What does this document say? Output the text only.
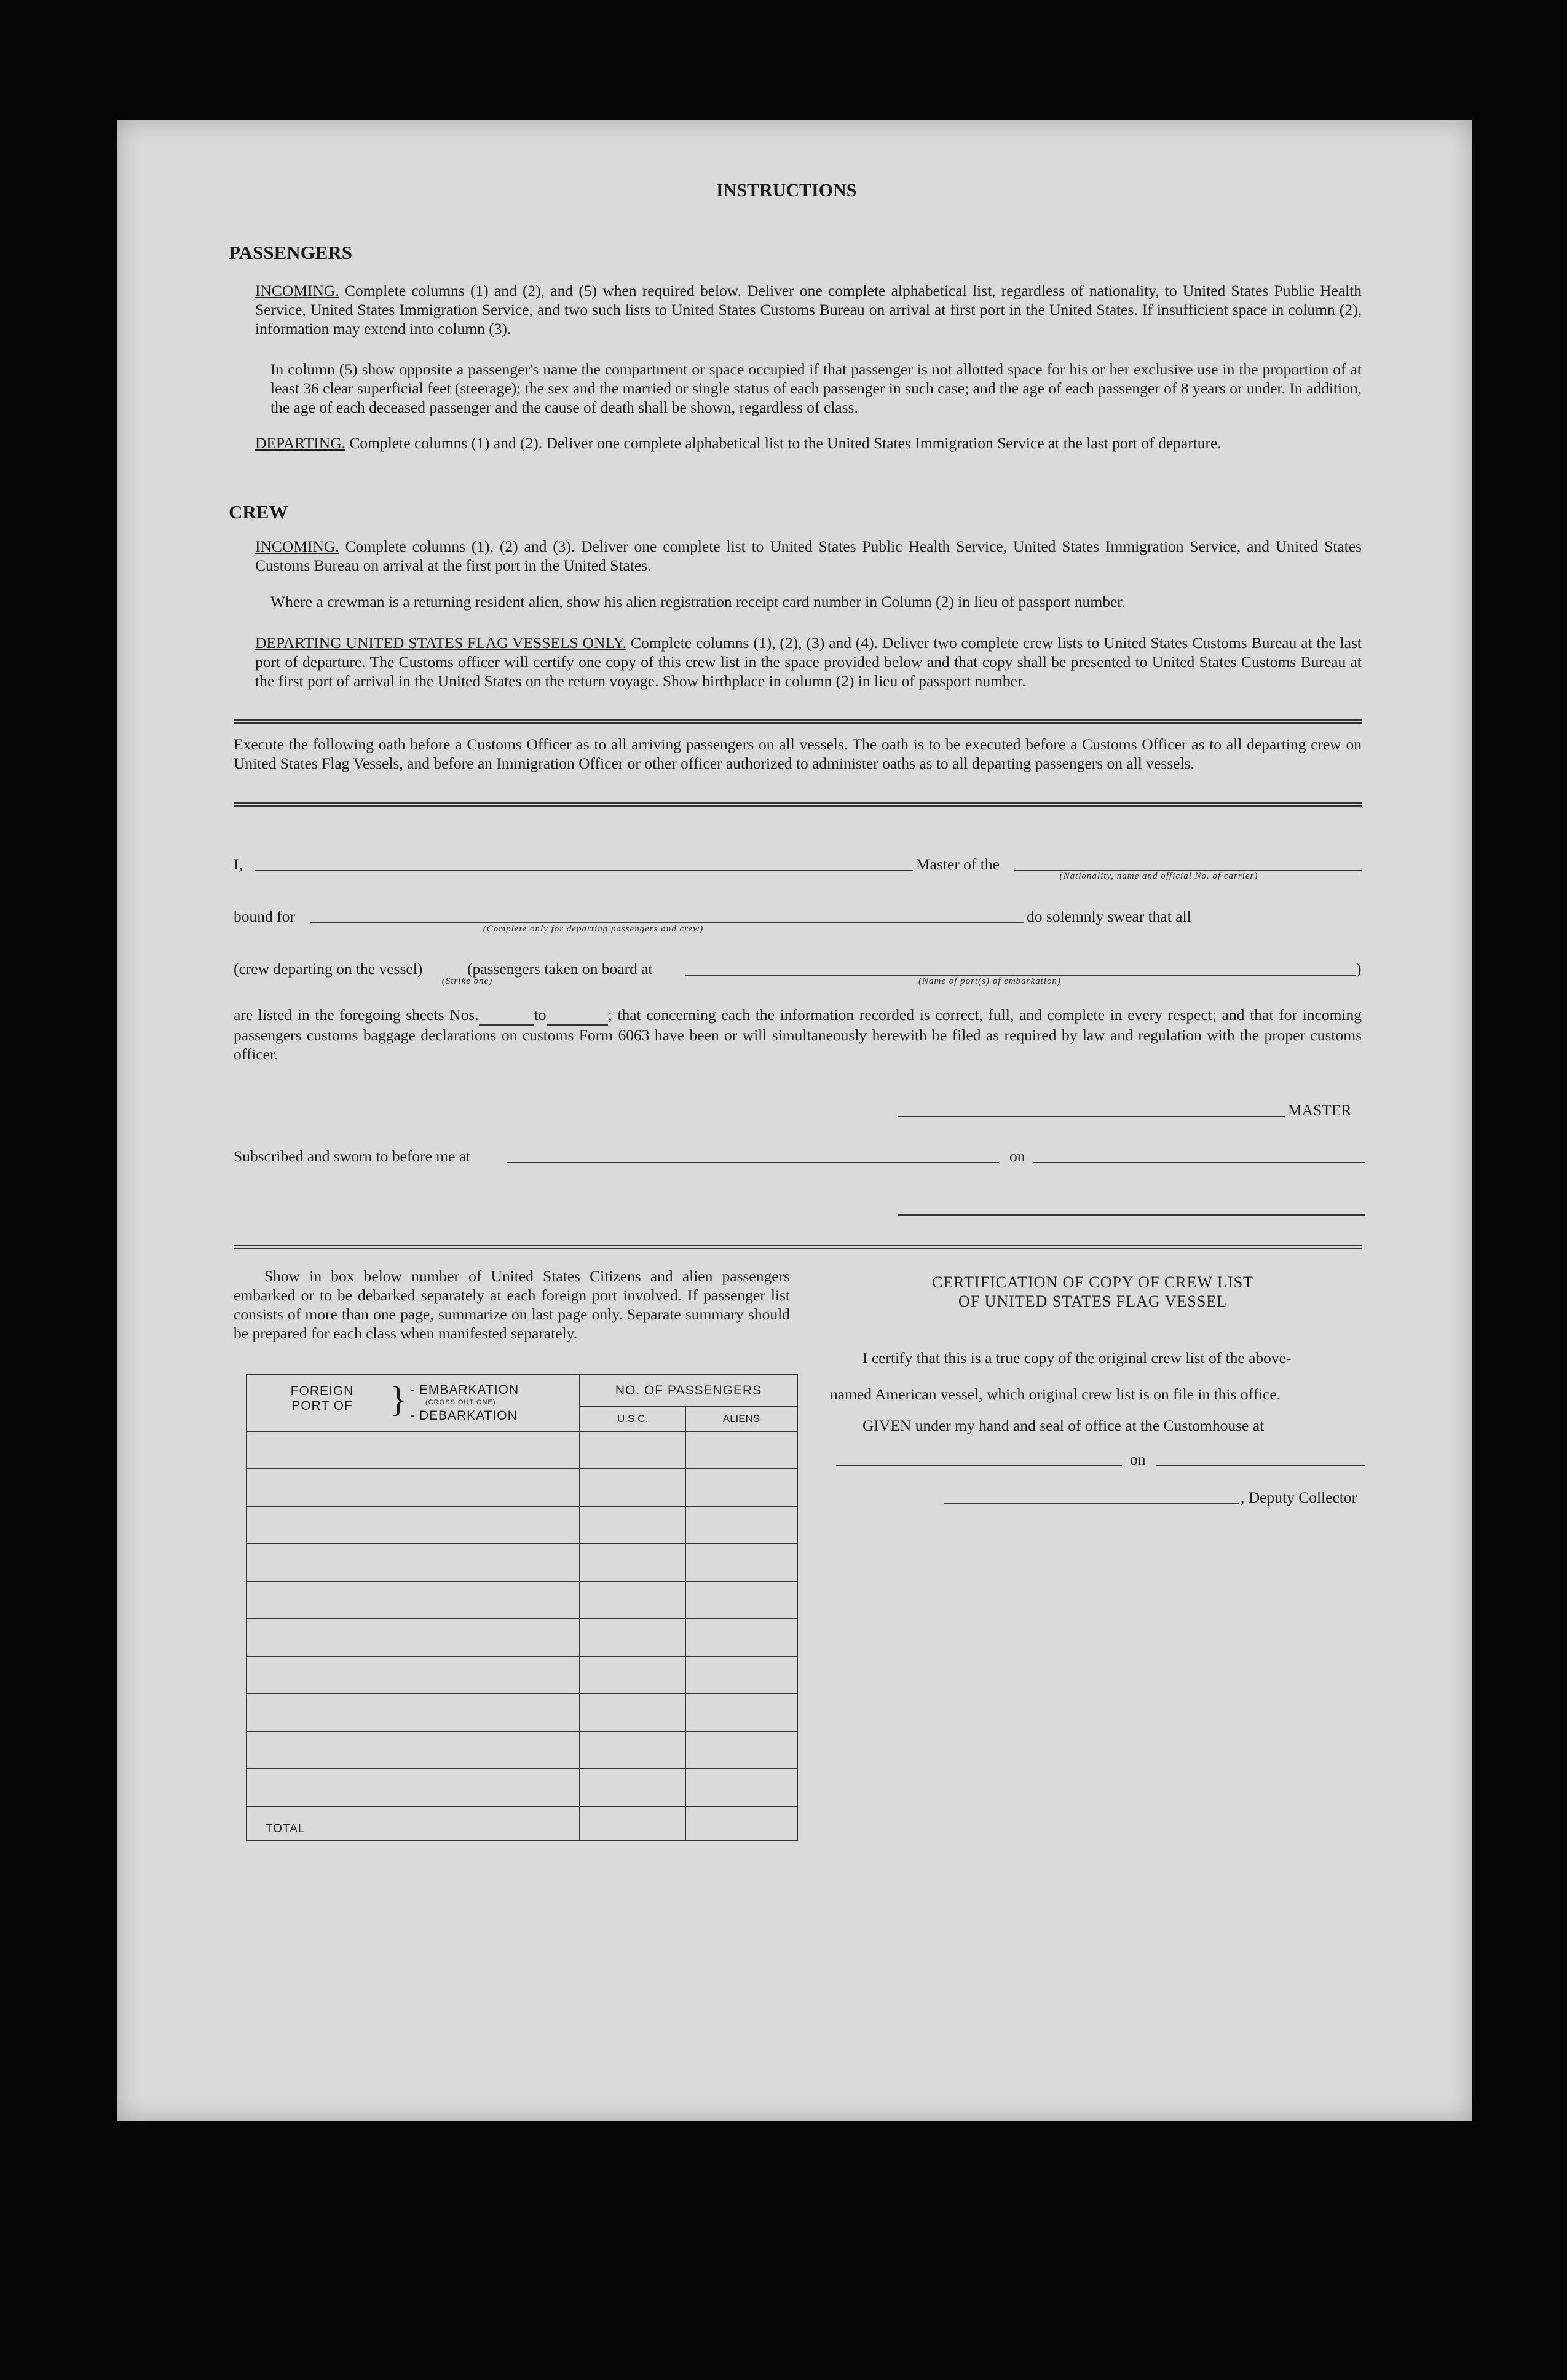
INSTRUCTIONS
PASSENGERS
INCOMING. Complete columns (1) and (2), and (5) when required below. Deliver one complete alphabetical list, regardless of nationality, to United States Public Health Service, United States Immigration Service, and two such lists to United States Customs Bureau on arrival at first port in the United States. If insufficient space in column (2), information may extend into column (3).
In column (5) show opposite a passenger's name the compartment or space occupied if that passenger is not allotted space for his or her exclusive use in the proportion of at least 36 clear superficial feet (steerage); the sex and the married or single status of each passenger in such case; and the age of each passenger of 8 years or under. In addition, the age of each deceased passenger and the cause of death shall be shown, regardless of class.
DEPARTING. Complete columns (1) and (2). Deliver one complete alphabetical list to the United States Immigration Service at the last port of departure.
CREW
INCOMING. Complete columns (1), (2) and (3). Deliver one complete list to United States Public Health Service, United States Immigration Service, and United States Customs Bureau on arrival at the first port in the United States.
Where a crewman is a returning resident alien, show his alien registration receipt card number in Column (2) in lieu of passport number.
DEPARTING UNITED STATES FLAG VESSELS ONLY. Complete columns (1), (2), (3) and (4). Deliver two complete crew lists to United States Customs Bureau at the last port of departure. The Customs officer will certify one copy of this crew list in the space provided below and that copy shall be presented to United States Customs Bureau at the first port of arrival in the United States on the return voyage. Show birthplace in column (2) in lieu of passport number.
Execute the following oath before a Customs Officer as to all arriving passengers on all vessels. The oath is to be executed before a Customs Officer as to all departing crew on United States Flag Vessels, and before an Immigration Officer or other officer authorized to administer oaths as to all departing passengers on all vessels.
I,	Master of the
(Nationality, name and official No. of carrier)
bound for
(Complete only for departing passengers and crew)
do solemnly swear that all
(crew departing on the vessel)	(passengers taken on board at	)
(Strike one)	(Name of port(s) of embarkation)
are listed in the foregoing sheets Nos.	to	; that concerning each the information recorded is correct, full, and complete in every respect; and that for incoming passengers customs baggage declarations on customs Form 6063 have been or will simultaneously herewith be filed as required by law and regulation with the proper customs officer.
MASTER
Subscribed and sworn to before me at	on
Show in box below number of United States Citizens and alien passengers embarked or to be debarked separately at each foreign port involved. If passenger list consists of more than one page, summarize on last page only. Separate summary should be prepared for each class when manifested separately.
FOREIGN PORT OF } - EMBARKATION
(CROSS OUT ONE)
- DEBARKATION	NO. OF PASSENGERS	
	U.S.C.	ALIENS

TOTAL		
CERTIFICATION OF COPY OF CREW LIST
OF UNITED STATES FLAG VESSEL
I certify that this is a true copy of the original crew list of the above-
named American vessel, which original crew list is on file in this office.
GIVEN under my hand and seal of office at the Customhouse at
on
, Deputy Collector
